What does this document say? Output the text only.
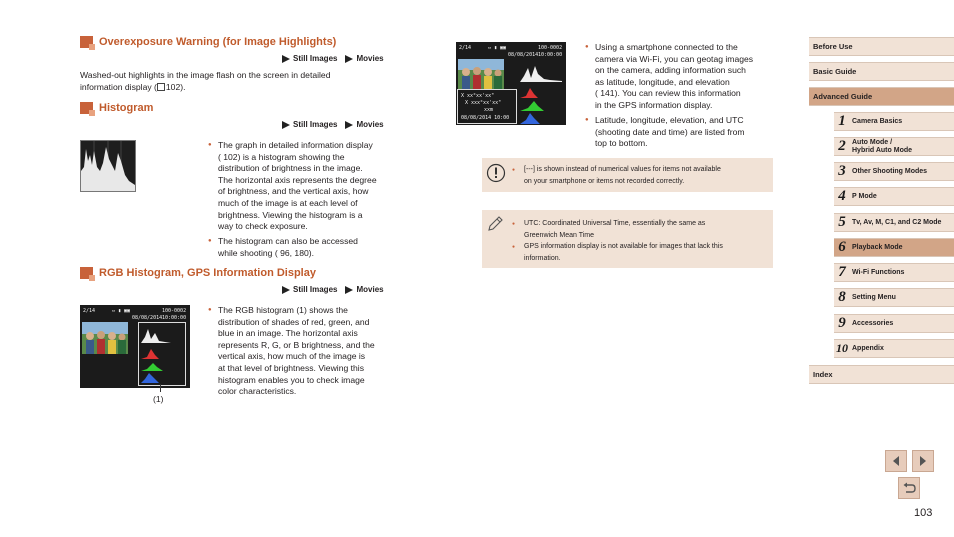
Overexposure Warning (for Image Highlights)
Still Images Movies
Washed-out highlights in the image flash on the screen in detailed information display ( 102).
Histogram
Still Images Movies
● The graph in detailed information display
( 102) is a histogram showing the
distribution of brightness in the image.
The horizontal axis represents the degree
of brightness, and the vertical axis, how
much of the image is at each level of
brightness. Viewing the histogram is a
way to check exposure.
● The histogram can also be accessed
while shooting ( 96, 180).
RGB Histogram, GPS Information Display
Still Images Movies
2/14	100-0002
08/08/2014 10:00:00
▭ ▮ ▣▣
(1)
● The RGB histogram (1) shows the
distribution of shades of red, green, and
blue in an image. The horizontal axis
represents R, G, or B brightness, and the
vertical axis, how much of the image is
at that level of brightness. Viewing this
histogram enables you to check image
color characteristics.
2/14	▭ ▮ ▣▣	100-0002
08/08/2014 10:00:00
X xx°xx'xx"
X xxx°xx'xx"
xxm
08/08/2014 10:00
● Using a smartphone connected to the
camera via Wi-Fi, you can geotag images
on the camera, adding information such
as latitude, longitude, and elevation
( 141). You can review this information
in the GPS information display.
● Latitude, longitude, elevation, and UTC
(shooting date and time) are listed from
top to bottom.
● [---] is shown instead of numerical values for items not available
on your smartphone or items not recorded correctly.
● UTC: Coordinated Universal Time, essentially the same as
Greenwich Mean Time
● GPS information display is not available for images that lack this
information.
Before Use
Basic Guide
Advanced Guide
1 Camera Basics
2 Auto Mode /
Hybrid Auto Mode
3 Other Shooting Modes
4 P Mode
5 Tv, Av, M, C1, and C2 Mode
6 Playback Mode
7 Wi-Fi Functions
8 Setting Menu
9 Accessories
10 Appendix
Index
103
